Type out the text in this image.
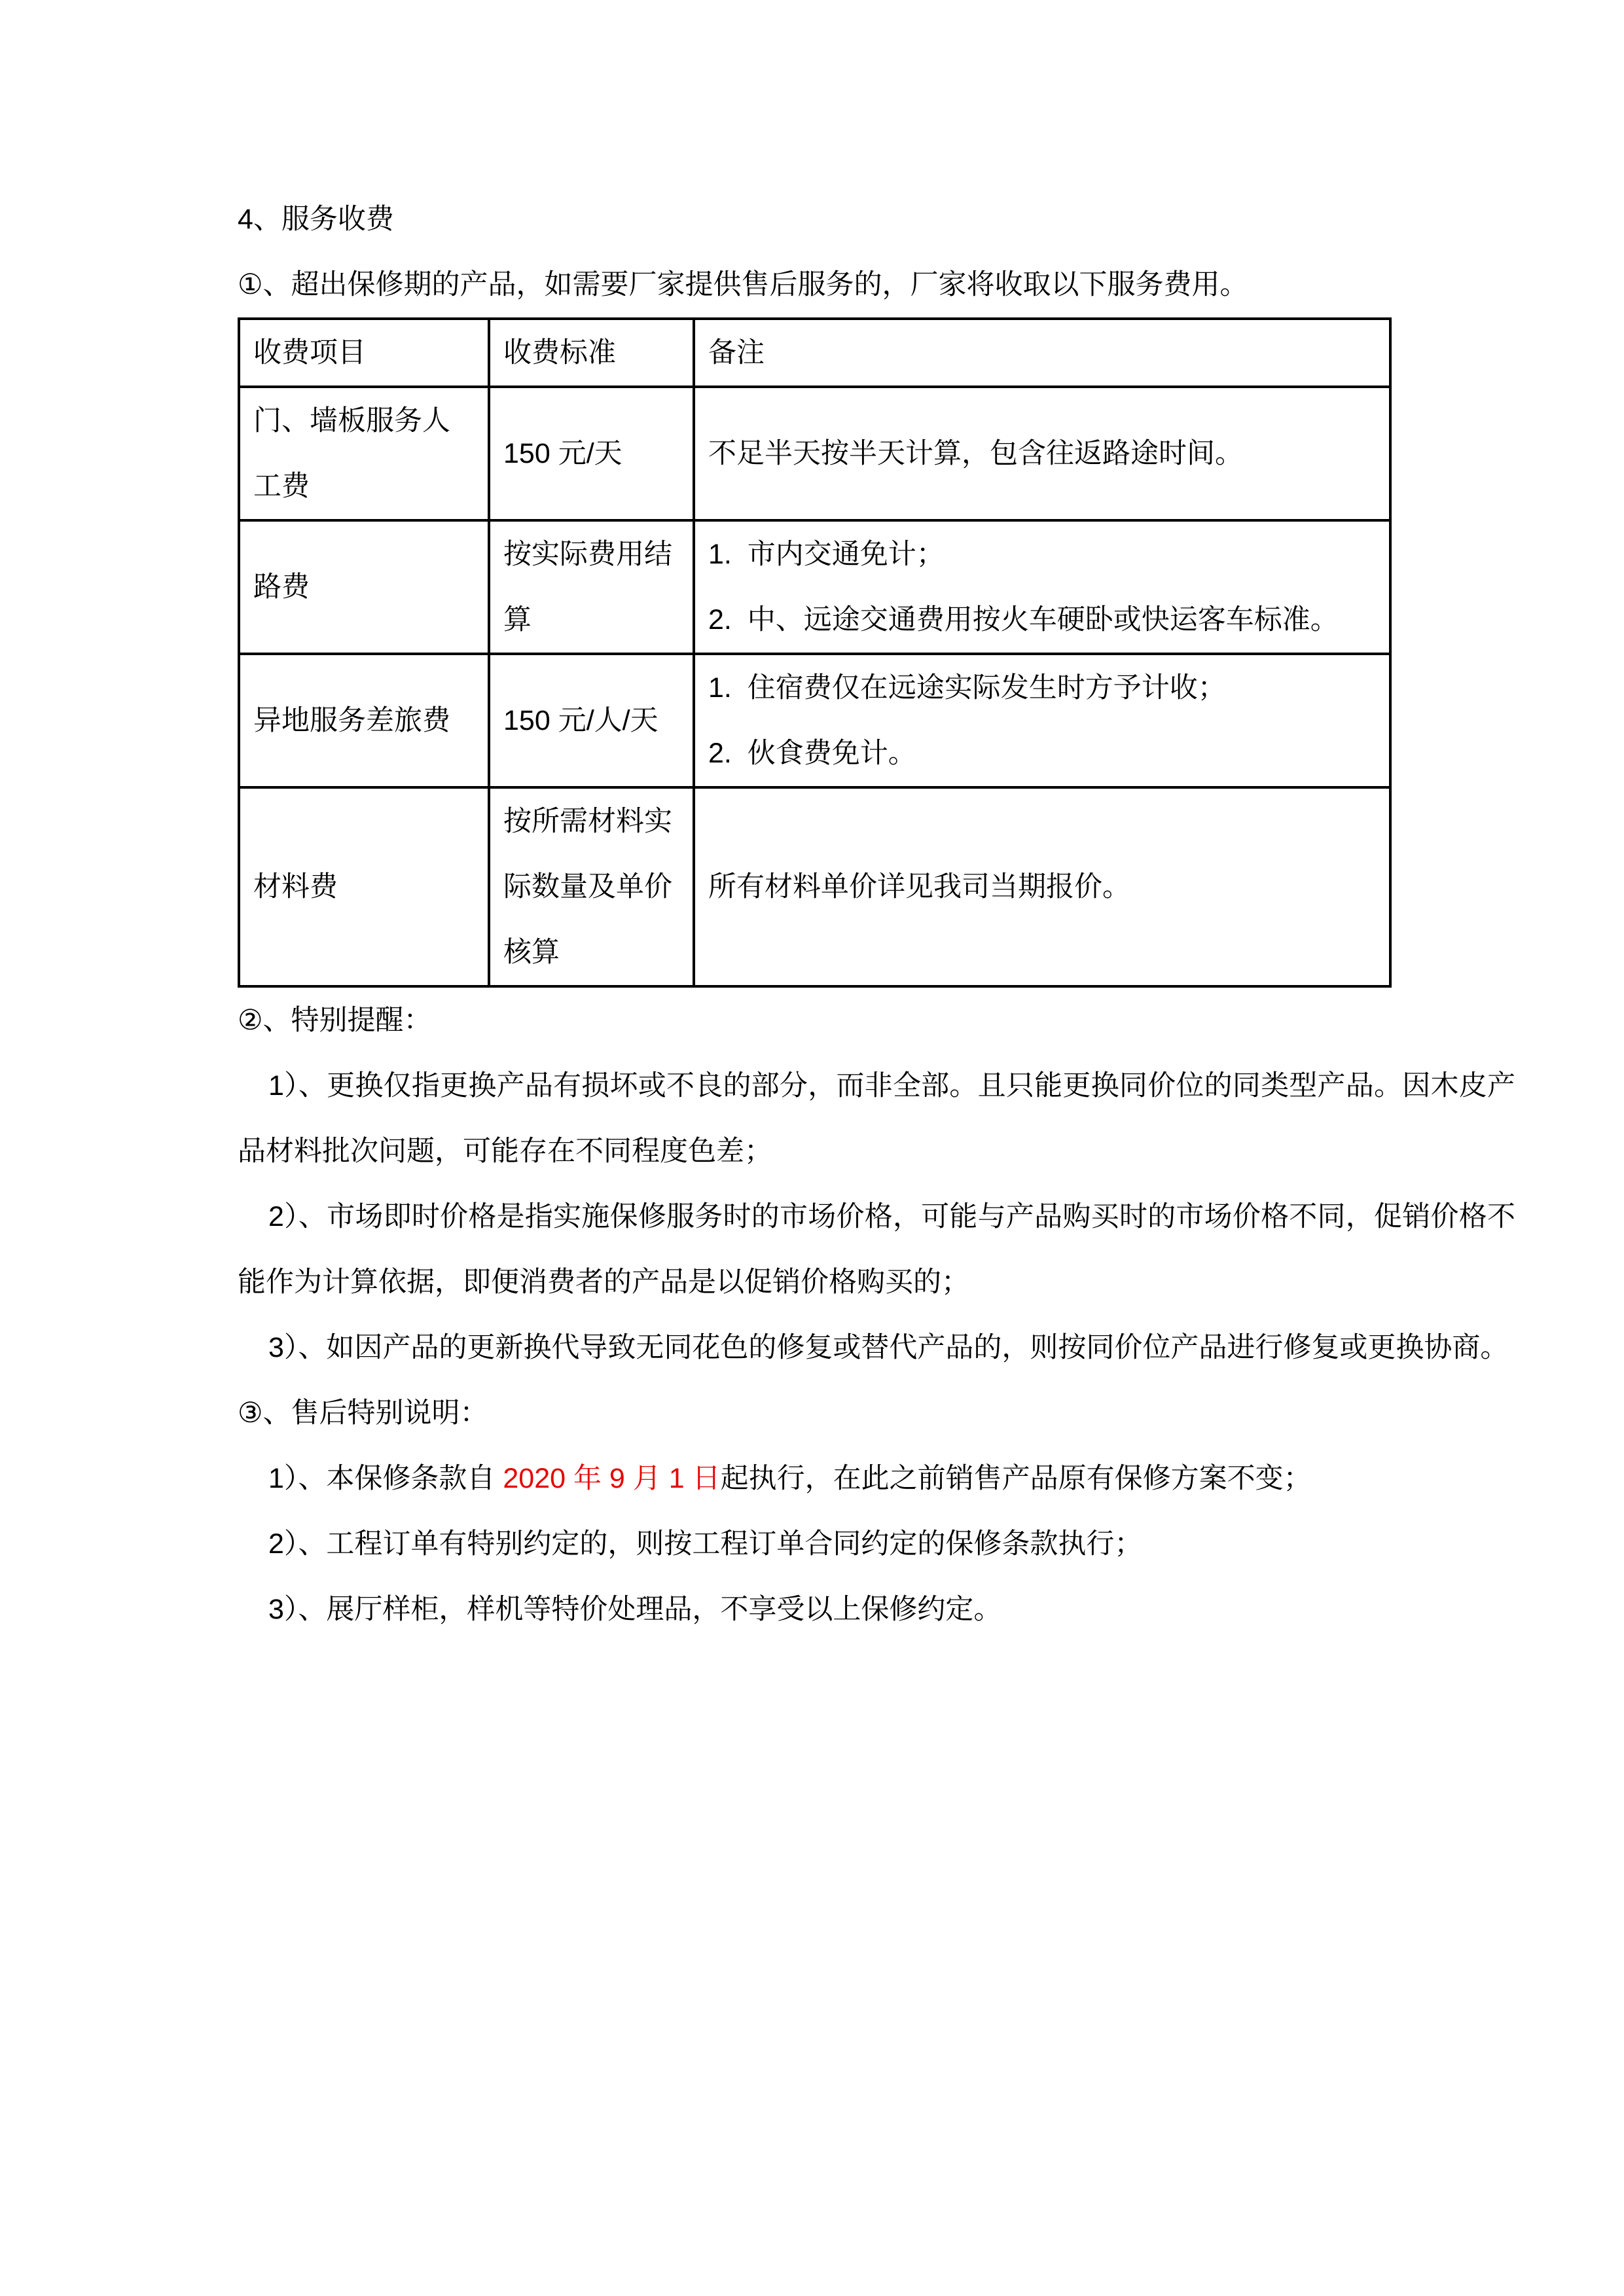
4、服务收费
①、超出保修期的产品，如需要厂家提供售后服务的，厂家将收取以下服务费用。
收费项目	收费标准	备注
门、墙板服务人工费	150 元/天	不足半天按半天计算，包含往返路途时间。

路费	按实际费用结算	1.  市内交通免计；
2.  中、远途交通费用按火车硬卧或快运客车标准。

异地服务差旅费	150 元/人/天	1.  住宿费仅在远途实际发生时方予计收；
2.  伙食费免计。

材料费	按所需材料实际数量及单价核算	所有材料单价详见我司当期报价。
②、特别提醒：
1）、更换仅指更换产品有损坏或不良的部分，而非全部。且只能更换同价位的同类型产品。因木皮产品材料批次问题，可能存在不同程度色差；
2）、市场即时价格是指实施保修服务时的市场价格，可能与产品购买时的市场价格不同，促销价格不能作为计算依据，即便消费者的产品是以促销价格购买的；
3）、如因产品的更新换代导致无同花色的修复或替代产品的，则按同价位产品进行修复或更换协商。
③、售后特别说明：
1）、本保修条款自 2020 年 9 月 1 日起执行，在此之前销售产品原有保修方案不变；
2）、工程订单有特别约定的，则按工程订单合同约定的保修条款执行；
3）、展厅样柜，样机等特价处理品，不享受以上保修约定。
